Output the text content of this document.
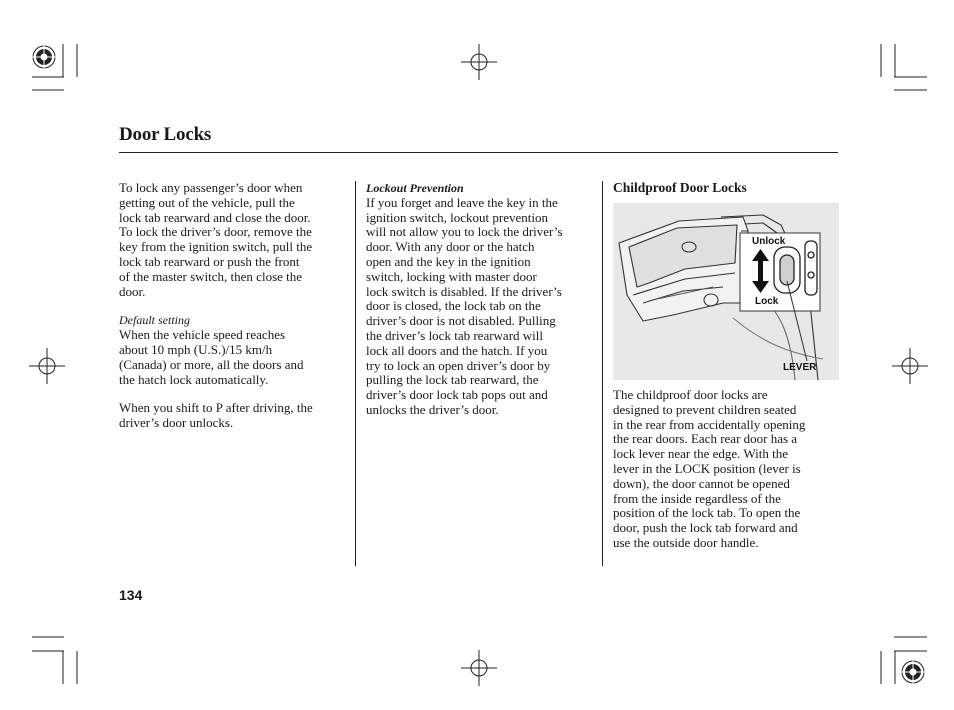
Door Locks

To lock any passenger’s door when
getting out of the vehicle, pull the
lock tab rearward and close the door.
To lock the driver’s door, remove the
key from the ignition switch, pull the
lock tab rearward or push the front
of the master switch, then close the
door.

Default setting

When the vehicle speed reaches
about 10 mph (U.S.)/15 km/h
(Canada) or more, all the doors and
the hatch lock automatically.

When you shift to P after driving, the
driver’s door unlocks.

Lockout Prevention

If you forget and leave the key in the
ignition switch, lockout prevention
will not allow you to lock the driver’s
door. With any door or the hatch
open and the key in the ignition
switch, locking with master door
lock switch is disabled. If the driver’s
door is closed, the lock tab on the
driver’s door is not disabled. Pulling
the driver’s lock tab rearward will
lock all doors and the hatch. If you
try to lock an open driver’s door by
pulling the lock tab rearward, the
driver’s door lock tab pops out and
unlocks the driver’s door.

Childproof Door Locks

Unlock
Lock
LEVER

The childproof door locks are
designed to prevent children seated
in the rear from accidentally opening
the rear doors. Each rear door has a
lock lever near the edge. With the
lever in the LOCK position (lever is
down), the door cannot be opened
from the inside regardless of the
position of the lock tab. To open the
door, push the lock tab forward and
use the outside door handle.

134
